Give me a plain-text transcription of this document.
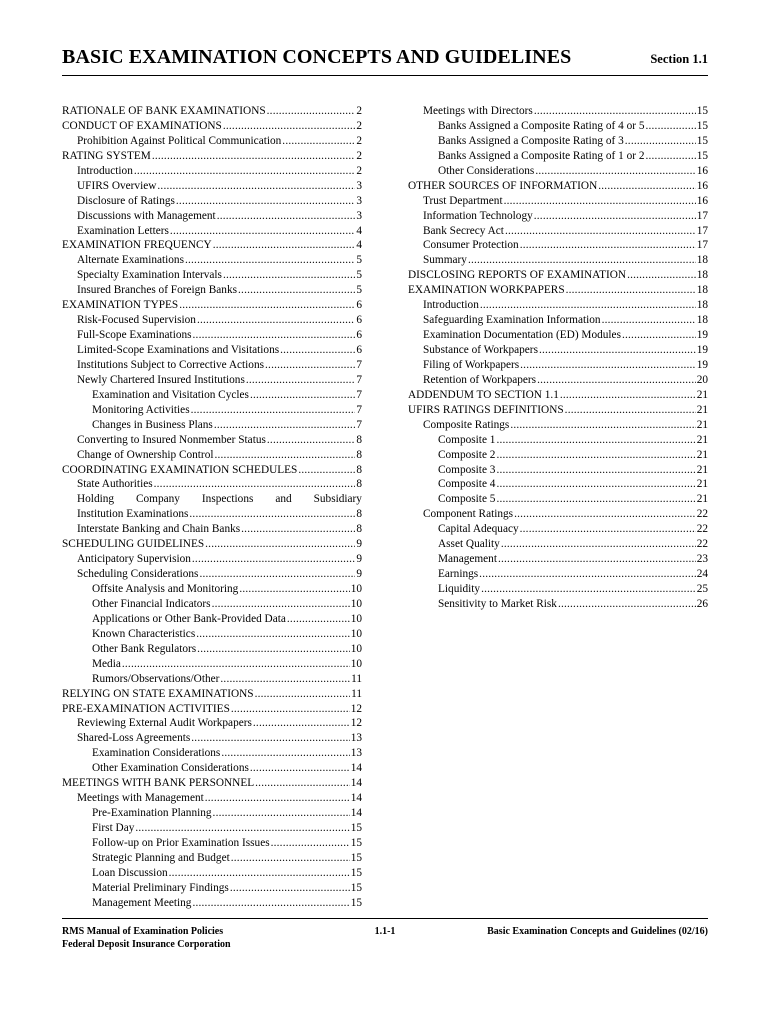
BASIC EXAMINATION CONCEPTS AND GUIDELINES	Section 1.1
RATIONALE OF BANK EXAMINATIONS .....	2
CONDUCT OF EXAMINATIONS .....	2
Prohibition Against Political Communication .....	2
RATING SYSTEM .....	2
Introduction .....	2
UFIRS Overview .....	3
Disclosure of Ratings .....	3
Discussions with Management .....	3
Examination Letters .....	4
EXAMINATION FREQUENCY .....	4
Alternate Examinations .....	5
Specialty Examination Intervals .....	5
Insured Branches of Foreign Banks .....	5
EXAMINATION TYPES .....	6
Risk-Focused Supervision .....	6
Full-Scope Examinations .....	6
Limited-Scope Examinations and Visitations .....	6
Institutions Subject to Corrective Actions .....	7
Newly Chartered Insured Institutions .....	7
Examination and Visitation Cycles .....	7
Monitoring Activities .....	7
Changes in Business Plans .....	7
Converting to Insured Nonmember Status .....	8
Change of Ownership Control .....	8
COORDINATING EXAMINATION SCHEDULES .....	8
State Authorities .....	8
Holding Company Inspections and Subsidiary
Institution Examinations .....	8
Interstate Banking and Chain Banks .....	8
SCHEDULING GUIDELINES .....	9
Anticipatory Supervision .....	9
Scheduling Considerations .....	9
Offsite Analysis and Monitoring .....	10
Other Financial Indicators .....	10
Applications or Other Bank-Provided Data .....	10
Known Characteristics .....	10
Other Bank Regulators .....	10
Media .....	10
Rumors/Observations/Other .....	11
RELYING ON STATE EXAMINATIONS .....	11
PRE-EXAMINATION ACTIVITIES .....	12
Reviewing External Audit Workpapers .....	12
Shared-Loss Agreements .....	13
Examination Considerations .....	13
Other Examination Considerations .....	14
MEETINGS WITH BANK PERSONNEL .....	14
Meetings with Management .....	14
Pre-Examination Planning .....	14
First Day .....	15
Follow-up on Prior Examination Issues .....	15
Strategic Planning and Budget .....	15
Loan Discussion .....	15
Material Preliminary Findings .....	15
Management Meeting .....	15
Meetings with Directors .....	15
Banks Assigned a Composite Rating of 4 or 5 .....	15
Banks Assigned a Composite Rating of 3 .....	15
Banks Assigned a Composite Rating of 1 or 2 .....	15
Other Considerations .....	16
OTHER SOURCES OF INFORMATION .....	16
Trust Department .....	16
Information Technology .....	17
Bank Secrecy Act .....	17
Consumer Protection .....	17
Summary .....	18
DISCLOSING REPORTS OF EXAMINATION .....	18
EXAMINATION WORKPAPERS .....	18
Introduction .....	18
Safeguarding Examination Information .....	18
Examination Documentation (ED) Modules .....	19
Substance of Workpapers .....	19
Filing of Workpapers .....	19
Retention of Workpapers .....	20
ADDENDUM TO SECTION 1.1 .....	21
UFIRS RATINGS DEFINITIONS .....	21
Composite Ratings .....	21
Composite 1 .....	21
Composite 2 .....	21
Composite 3 .....	21
Composite 4 .....	21
Composite 5 .....	21
Component Ratings .....	22
Capital Adequacy .....	22
Asset Quality .....	22
Management .....	23
Earnings .....	24
Liquidity .....	25
Sensitivity to Market Risk .....	26
RMS Manual of Examination Policies
Federal Deposit Insurance Corporation
1.1-1	Basic Examination Concepts and Guidelines (02/16)
